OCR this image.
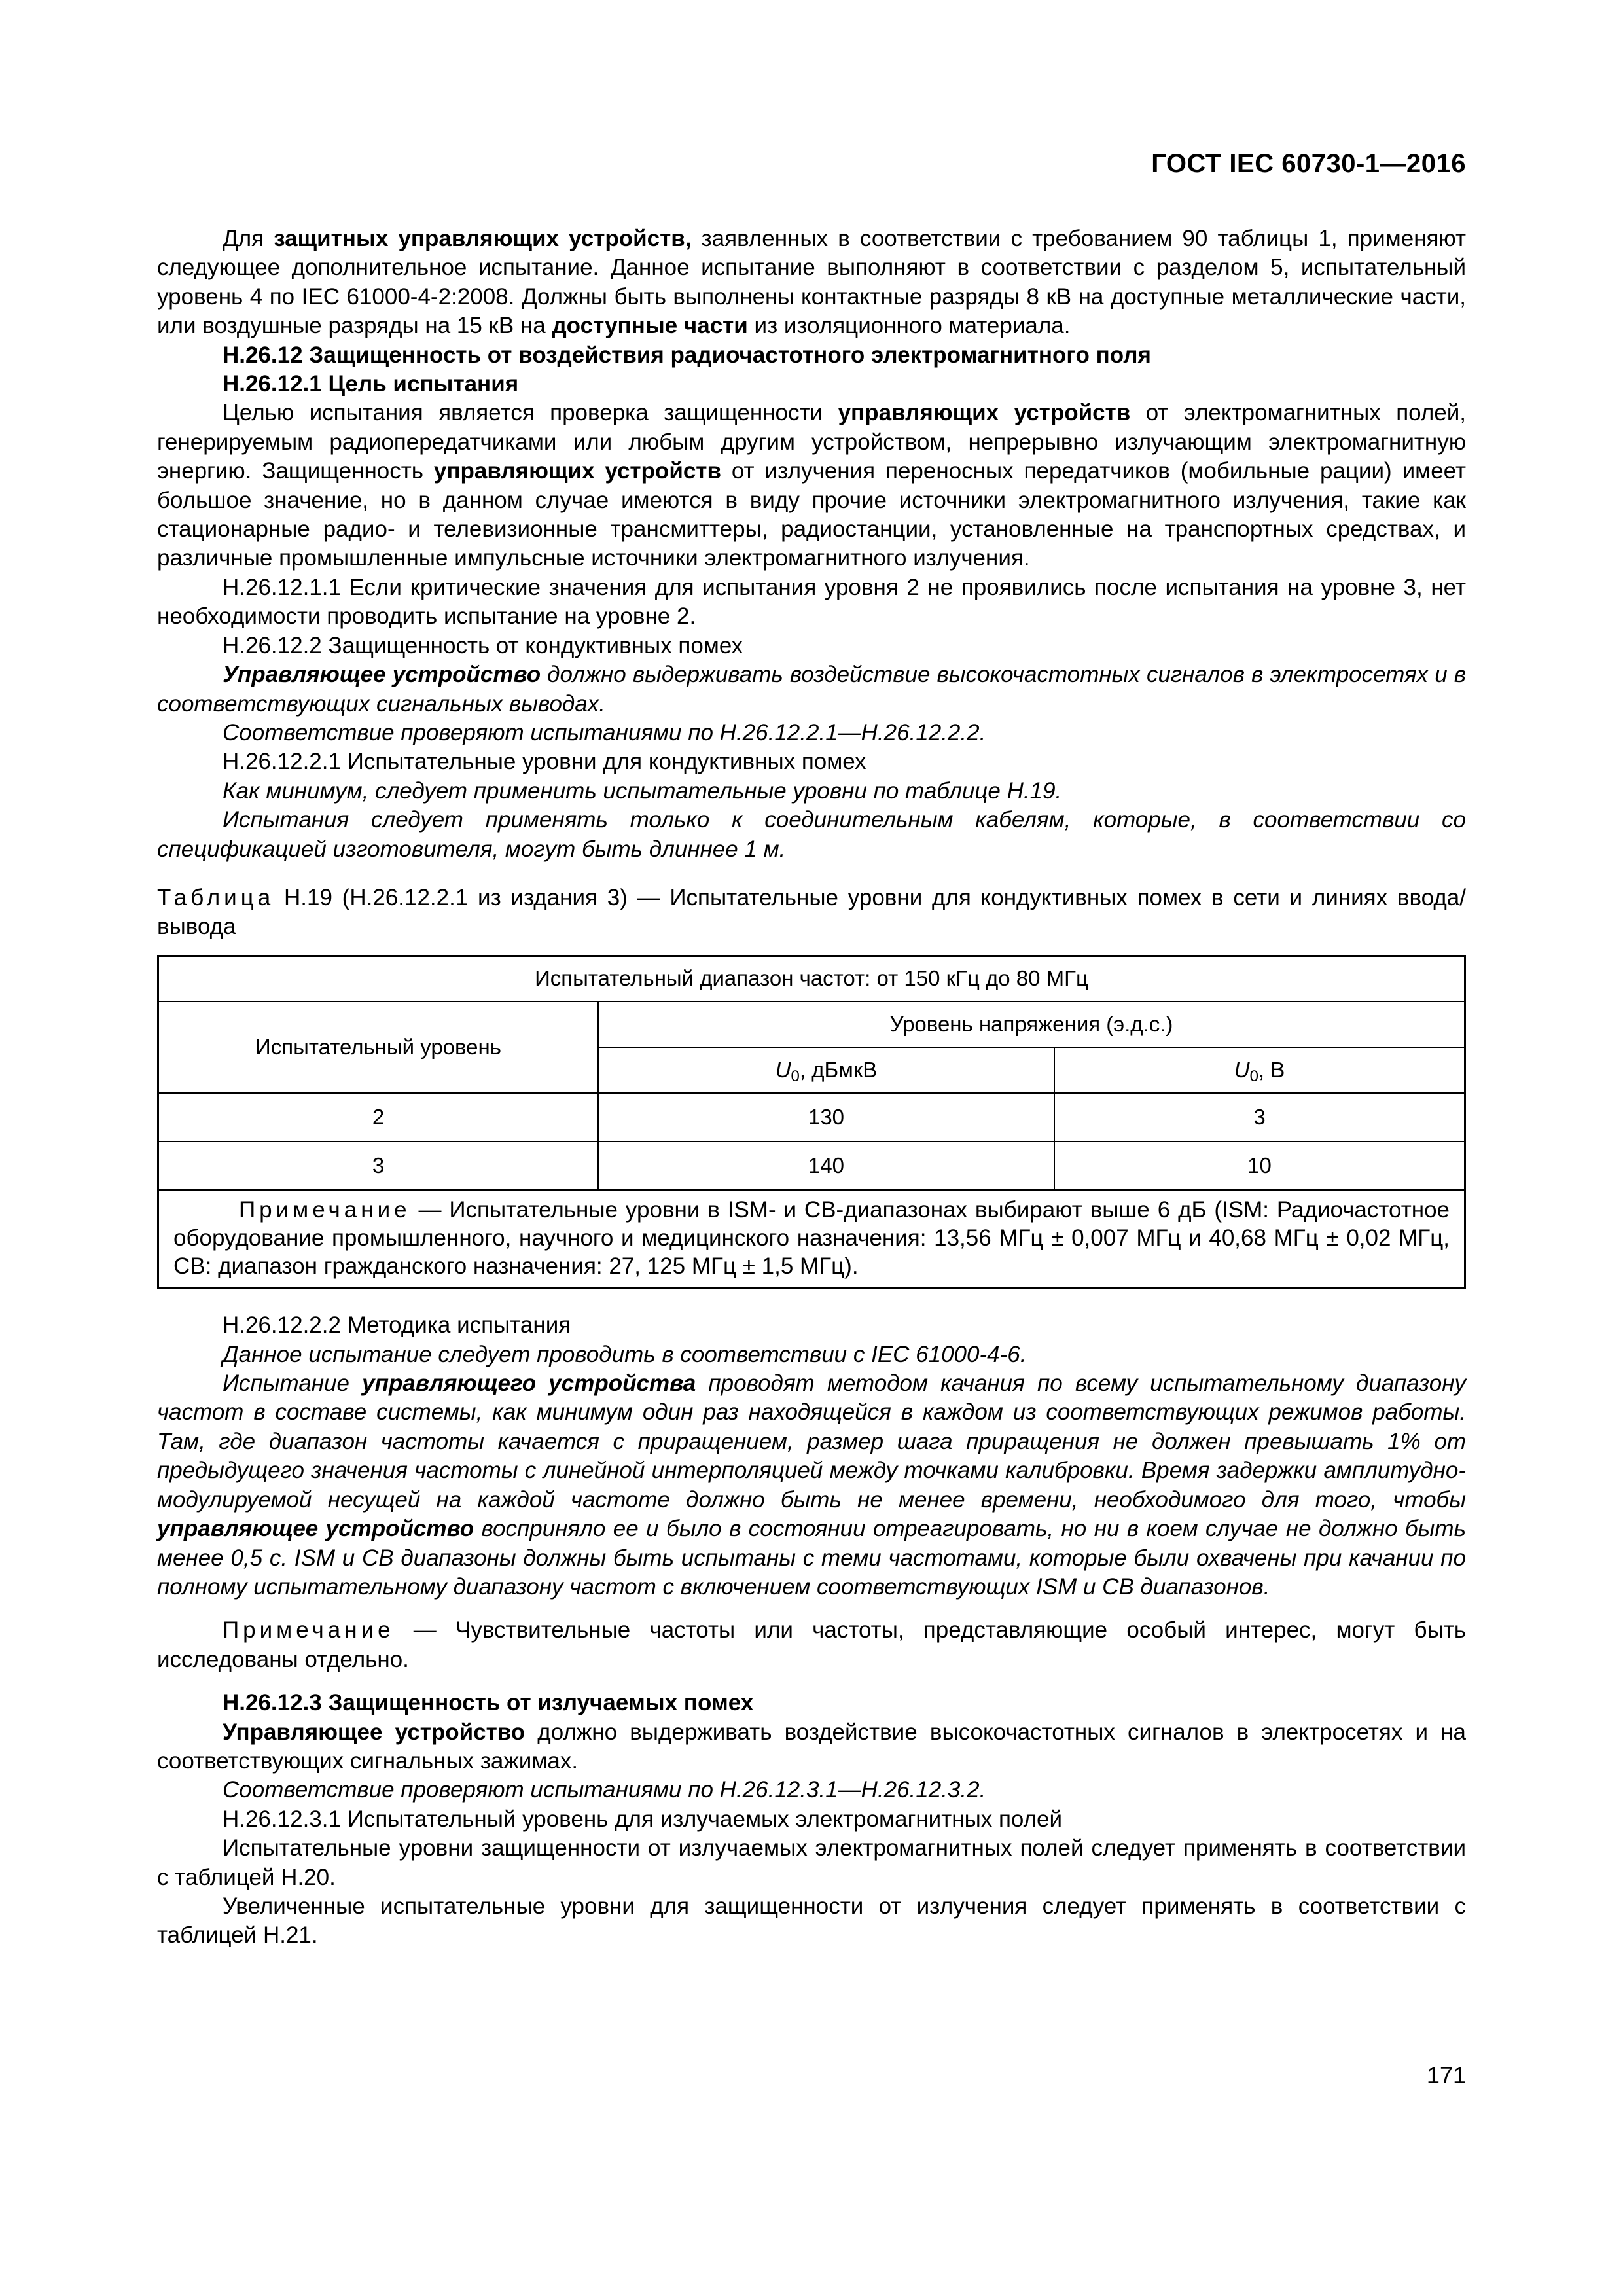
ГОСТ IEC 60730-1—2016

Для защитных управляющих устройств, заявленных в соответствии с требованием 90 таблицы 1, применяют следующее дополнительное испытание. Данное испытание выполняют в соответствии с разделом 5, испытательный уровень 4 по IEC 61000-4-2:2008. Должны быть выполнены контактные разряды 8 кВ на доступные металлические части, или воздушные разряды на 15 кВ на доступные части из изоляционного материала.

Н.26.12 Защищенность от воздействия радиочастотного электромагнитного поля

Н.26.12.1 Цель испытания

Целью испытания является проверка защищенности управляющих устройств от электромагнитных полей, генерируемым радиопередатчиками или любым другим устройством, непрерывно излучающим электромагнитную энергию. Защищенность управляющих устройств от излучения переносных передатчиков (мобильные рации) имеет большое значение, но в данном случае имеются в виду прочие источники электромагнитного излучения, такие как стационарные радио- и телевизионные трансмиттеры, радиостанции, установленные на транспортных средствах, и различные промышленные импульсные источники электромагнитного излучения.

Н.26.12.1.1 Если критические значения для испытания уровня 2 не проявились после испытания на уровне 3, нет необходимости проводить испытание на уровне 2.

Н.26.12.2 Защищенность от кондуктивных помех

Управляющее устройство должно выдерживать воздействие высокочастотных сигналов в электросетях и в соответствующих сигнальных выводах.

Соответствие проверяют испытаниями по Н.26.12.2.1—Н.26.12.2.2.

Н.26.12.2.1 Испытательные уровни для кондуктивных помех

Как минимум, следует применить испытательные уровни по таблице Н.19.

Испытания следует применять только к соединительным кабелям, которые, в соответствии со спецификацией изготовителя, могут быть длиннее 1 м.

Таблица Н.19 (Н.26.12.2.1 из издания 3) — Испытательные уровни для кондуктивных помех в сети и линиях ввода/вывода

Испытательный диапазон частот: от 150 кГц до 80 МГц		
Испытательный уровень	Уровень напряжения (э.д.с.)	
	$U_0$, дБмкВ	$U_0$, В
2	130	3
3	140	10
Примечание — Испытательные уровни в ISM- и СВ-диапазонах выбирают выше 6 дБ (ISM: Радиочастотное оборудование промышленного, научного и медицинского назначения: 13,56 МГц ± 0,007 МГц и 40,68 МГц ± 0,02 МГц, СВ: диапазон гражданского назначения: 27, 125 МГц ± 1,5 МГц).		

Н.26.12.2.2 Методика испытания

Данное испытание следует проводить в соответствии с IEC 61000-4-6.

Испытание управляющего устройства проводят методом качания по всему испытательному диапазону частот в составе системы, как минимум один раз находящейся в каждом из соответствующих режимов работы. Там, где диапазон частоты качается с приращением, размер шага приращения не должен превышать 1% от предыдущего значения частоты с линейной интерполяцией между точками калибровки. Время задержки амплитудно-модулируемой несущей на каждой частоте должно быть не менее времени, необходимого для того, чтобы управляющее устройство восприняло ее и было в состоянии отреагировать, но ни в коем случае не должно быть менее 0,5 с. ISM и СВ диапазоны должны быть испытаны с теми частотами, которые были охвачены при качании по полному испытательному диапазону частот с включением соответствующих ISM и СВ диапазонов.

Примечание — Чувствительные частоты или частоты, представляющие особый интерес, могут быть исследованы отдельно.

Н.26.12.3 Защищенность от излучаемых помех

Управляющее устройство должно выдерживать воздействие высокочастотных сигналов в электросетях и на соответствующих сигнальных зажимах.

Соответствие проверяют испытаниями по Н.26.12.3.1—Н.26.12.3.2.

Н.26.12.3.1 Испытательный уровень для излучаемых электромагнитных полей

Испытательные уровни защищенности от излучаемых электромагнитных полей следует применять в соответствии с таблицей Н.20.

Увеличенные испытательные уровни для защищенности от излучения следует применять в соответствии с таблицей Н.21.

171
